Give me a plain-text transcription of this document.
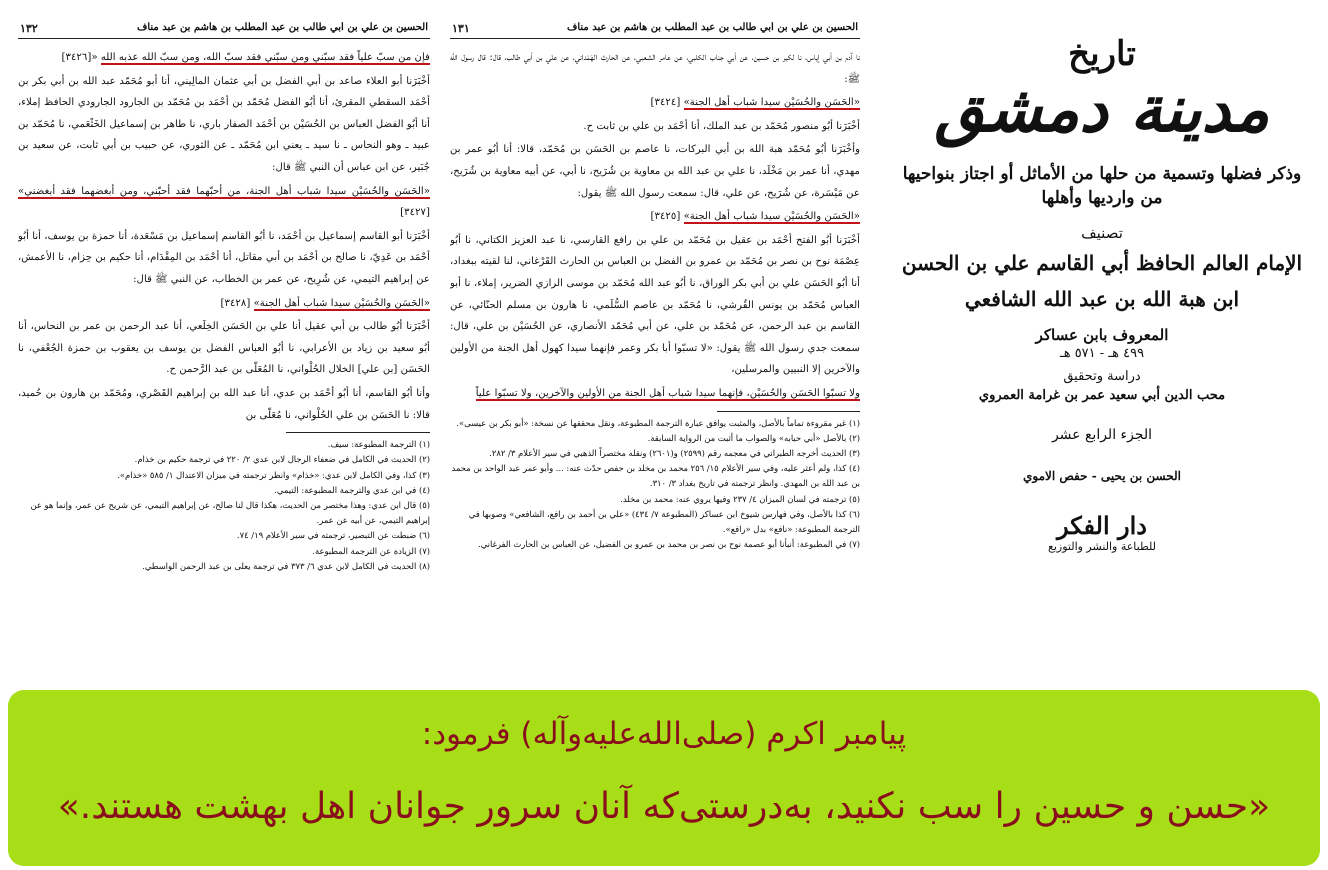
الحسين بن علي بن أبي طالب بن عبد المطلب بن هاشم بن عبد مناف
١٣٢

فإن من سبّ علياً فقد سبّني ومن سبّني فقد سبّ الله، ومن سبّ الله عذبه الله «[٣٤٢٦]

أخْبَرَنا أبو العلاء صاعد بن أبي الفضل بن أبي عثمان المالِيني، أنا أبو مُحَمّد عبد الله بن أبي بكر بن أحْمَد السقطي المقرئ، أنا أبُو الفضل مُحَمّد بن أحْمَد بن مُحَمّد بن الجارود الجارودي الحافظ إملاء، أنا أبُو الفضل العباس بن الحُسَيْن بن أحْمَد الصفار باري، نا طاهر بن إسماعيل الخَثْعَمي، نا مُحَمّد بن عبيد ـ وهو النحاس ـ نا سيد ـ يعني ابن مُحَمّد ـ عن الثوري، عن حبيب بن أبي ثابت، عن سعيد بن جُبَير، عن ابن عباس أن النبي ﷺ قال:

«الحَسَن والحُسَيْن سيدا شباب أهل الجنة، من أحبّهما فقد أحبّني، ومن أبغضهما فقد أبغضني» [٣٤٢٧]

أخْبَرَنا أبو القاسم إسماعيل بن أحْمَد، نا أبُو القاسم إسماعيل بن مَسْعَدة، أنا حمزة بن يوسف، أنا أبُو أحْمَد بن عَدِيّ، نا صالح بن أحْمَد بن أبي مقاتل، أنا أحْمَد بن المِقْدَام، أنا حكيم بن حِزام، نا الأعمش، عن إبراهيم التيمي، عن شُرِيح، عن عمر بن الخطاب، عن النبي ﷺ قال:

«الحَسَن والحُسَيْن سيدا شباب أهل الجنة» [٣٤٢٨]

أخْبَرَنا أبُو طالب بن أبي عقيل أنا علي بن الحَسَن الخِلَعي، أنا عبد الرحمن بن عمر بن النحاس، أنا أبُو سعيد بن زياد بن الأعرابي، نا أبُو العباس الفضل بن يوسف بن يعقوب بن حمزة الجُعْفي، نا الحَسَن [بن علي] الخلال الحُلْواني، نا المُعَلّى بن عبد الرَّحمن ح.

وأنا أبُو القاسم، أنا أبُو أحْمَد بن عدي، أنا عبد الله بن إبراهيم القَصْري، ومُحَمّد بن هارون بن حُميد، قالا: نا الحَسَن بن علي الحُلْواني، نا مُعَلّى بن

(١) الترجمة المطبوعة: سيف.
(٢) الحديث في الكامل في ضعفاء الرجال لابن عدي ٢/ ٢٢٠ في ترجمة حكيم بن خذام.
(٣) كذا، وفي الكامل لابن عدي: «خذام» وانظر ترجمته في ميزان الاعتدال ١/ ٥٨٥ «خذام».
(٤) في ابن عدي والترجمة المطبوعة: التيمي.
(٥) قال ابن عدي: وهذا مختصر من الحديث، هكذا قال لنا صالح، عن إبراهيم التيمي، عن شريح عن عمر، وإنما هو عن إبراهيم التيمي، عن أبيه عن عمر.
(٦) ضبطت عن التبصير، ترجمته في سير الأعلام ١٩/ ٧٤.
(٧) الزيادة عن الترجمة المطبوعة.
(٨) الحديث في الكامل لابن عدي ٦/ ٣٧٣ في ترجمة يعلى بن عبد الرحمن الواسطي.
الحسين بن علي بن أبي طالب بن عبد المطلب بن هاشم بن عبد مناف
١٣١

نا آدم بن أبي إياس، نا لكير بن حسين، عن أبي جناب الكلبي، عن عامر الشعبي، عن الحارث الهَمْداني، عن علي بن أبي طالب، قال: قال رسول الله ﷺ:

«الحَسَن والحُسَيْن سيدا شباب أهل الجنة» [٣٤٢٤]

أخْبَرَنا أبُو منصور مُحَمّد بن عبد الملك، أنا أحْمَد بن علي بن ثابت ح.

وأخْبَرَنا أبُو مُحَمّد هبة الله بن أبي البركات، نا عاصم بن الحَسَن بن مُحَمّد، قالا: أنا أبُو عمر بن مهدي، أنا عمر بن مَخْلَد، نا علي بن عبد الله بن معاوية بن شُرَيح، نا أبي، عن أبيه معاوية بن شُرَيح، عن مَيْسَرة، عن شُرَيح، عن علي، قال: سمعت رسول الله ﷺ يقول:

«الحَسَن والحُسَيْن سيدا شباب أهل الجنة» [٣٤٢٥]

أخْبَرَنا أبُو الفتح أحْمَد بن عقيل بن مُحَمّد بن علي بن رافع القارسي، نا عبد العزيز الكتاني، نا أبُو عِصْمَة نوح بن نصر بن مُحَمّد بن عمرو بن الفضل بن العباس بن الحارث القَرْغاني، لنا لقيته ببغداد، أنا أبُو الحَسَن علي بن أبي بكر الوراق، نا أبُو عبد الله مُحَمّد بن موسى الرازي الضرير، إملاء، نا أبو العباس مُحَمّد بن يونس القُرشي، نا مُحَمّد بن عاصم السُّلَمي، نا هارون بن مسلم الحنّائي، عن القاسم بن عبد الرحمن، عن مُحَمّد بن علي، عن أبي مُحَمّد الأنصاري، عن الحُسَيْن بن علي، قال: سمعت جدي رسول الله ﷺ يقول: «لا تسبّوا أبا بكر وعمر فإنهما سيدا كهول أهل الجنة من الأولين والآخرين إلا النبيين والمرسلين،

ولا تسبّوا الحَسَن والحُسَيْن، فإنهما سيدا شباب أهل الجنة من الأولين والآخرين، ولا تسبّوا علياً

(١) غير مقروءة تماماً بالأصل، والمثبت يوافق عبارة الترجمة المطبوعة، ونقل محققها عن نسخة: «أبو بكر بن عيسى».
(٢) بالأصل «أبي حبابه» والصواب ما أثبت من الرواية السابقة.
(٣) الحديث أخرجه الطبراني في معجمه رقم (٢٥٩٩) و(٢٦٠١) ونقله مختصراً الذهبي في سير الأعلام ٣/ ٢٨٢.
(٤) كذا، ولم أعثر عليه، وفي سير الأعلام ١٥/ ٢٥٦ محمد بن مخلد بن حفص حدّث عنه: ... وأبو عمر عبد الواحد بن محمد بن عبد الله بن المهدي. وانظر ترجمته في تاريخ بغداد ٣/ ٣١٠.
(٥) ترجمته في لسان الميزان ٤/ ٢٣٧ وفيها يروي عنه: محمد بن مخلد.
(٦) كذا بالأصل، وفي فهارس شيوخ ابن عساكر (المطبوعة ٧/ ٤٣٤) «علي بن أحمد بن رافع، الشافعي» وصوبها في الترجمة المطبوعة: «نافع» بدل «رافع».
(٧) في المطبوعة: أنبأنا أبو عصمة نوح بن نصر بن محمد بن عمرو بن الفضيل، عن العباس بن الحارث الفرغاني.
تاريخ
مدينة دمشق
وذكر فضلها وتسمية من حلها من الأماثل أو اجتاز بنواحيها من وارديها وأهلها
تصنيف
الإمام العالم الحافظ أبي القاسم علي بن الحسن
ابن هبة الله بن عبد الله الشافعي
المعروف بابن عساكر
٤٩٩ هـ - ٥٧١ هـ
دراسة وتحقيق
محب الدين أبي سعيد عمر بن غرامة العمروي
الجزء الرابع عشر
الحسن بن يحيى - حفص الاموي
دار الفكر
للطباعة والنشر والتوزيع
پیامبر اکرم (صلی‌الله‌علیه‌وآله) فرمود:
«حسن و حسین را سب نکنید، به‌درستی‌که آنان سرور جوانان اهل بهشت هستند.»
